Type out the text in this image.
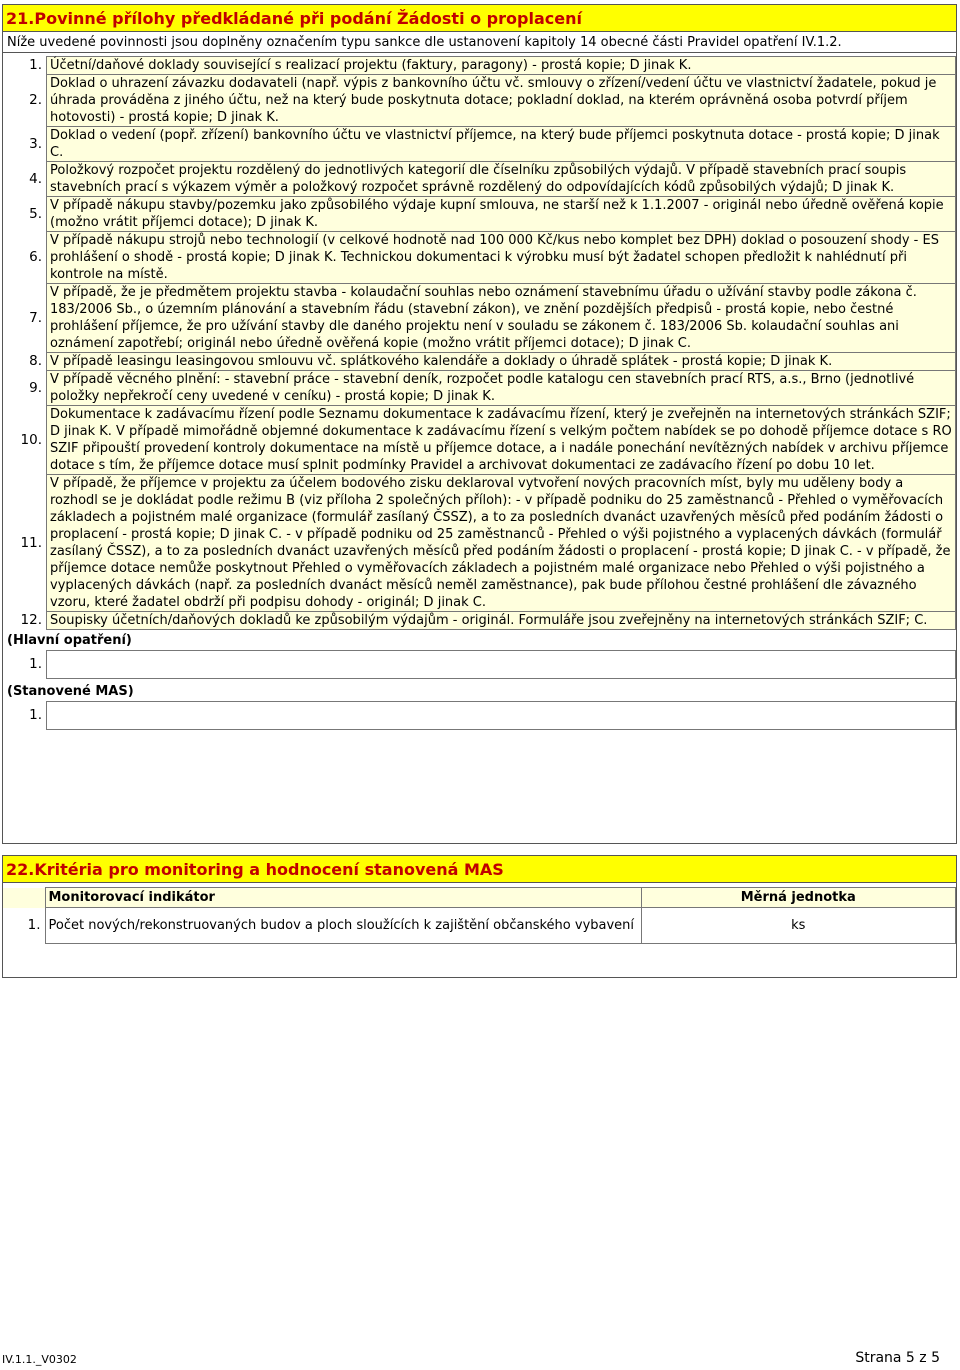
21.Povinné přílohy předkládané při podání Žádosti o proplacení
Níže uvedené povinnosti jsou doplněny označením typu sankce dle ustanovení kapitoly 14 obecné části Pravidel opatření IV.1.2.
1.	Účetní/daňové doklady související s realizací projektu (faktury, paragony) - prostá kopie; D jinak K.
2.	Doklad o uhrazení závazku dodavateli (např. výpis z bankovního účtu vč. smlouvy o zřízení/vedení účtu ve vlastnictví žadatele, pokud je úhrada prováděna z jiného účtu, než na který bude poskytnuta dotace; pokladní doklad, na kterém oprávněná osoba potvrdí příjem hotovosti) - prostá kopie; D jinak K.
3.	Doklad o vedení (popř. zřízení) bankovního účtu ve vlastnictví příjemce, na který bude příjemci poskytnuta dotace - prostá kopie; D jinak C.
4.	Položkový rozpočet projektu rozdělený do jednotlivých kategorií dle číselníku způsobilých výdajů. V případě stavebních prací soupis stavebních prací s výkazem výměr a položkový rozpočet správně rozdělený do odpovídajících kódů způsobilých výdajů; D jinak K.
5.	V případě nákupu stavby/pozemku jako způsobilého výdaje kupní smlouva, ne starší než k 1.1.2007 - originál nebo úředně ověřená kopie (možno vrátit příjemci dotace); D jinak K.
6.	V případě nákupu strojů nebo technologií (v celkové hodnotě nad 100 000 Kč/kus nebo komplet bez DPH) doklad o posouzení shody - ES prohlášení o shodě - prostá kopie; D jinak K. Technickou dokumentaci k výrobku musí být žadatel schopen předložit k nahlédnutí při kontrole na místě.
7.	V případě, že je předmětem projektu stavba - kolaudační souhlas nebo oznámení stavebnímu úřadu o užívání stavby podle zákona č. 183/2006 Sb., o územním plánování a stavebním řádu (stavební zákon), ve znění pozdějších předpisů - prostá kopie, nebo čestné prohlášení příjemce, že pro užívání stavby dle daného projektu není v souladu se zákonem č. 183/2006 Sb. kolaudační souhlas ani oznámení zapotřebí; originál nebo úředně ověřená kopie (možno vrátit příjemci dotace); D jinak C.
8.	V případě leasingu leasingovou smlouvu vč. splátkového kalendáře a doklady o úhradě splátek - prostá kopie; D jinak K.
9.	V případě věcného plnění: - stavební práce - stavební deník, rozpočet podle katalogu cen stavebních prací RTS, a.s., Brno (jednotlivé položky nepřekročí ceny uvedené v ceníku) - prostá kopie; D jinak K.
10.	Dokumentace k zadávacímu řízení podle Seznamu dokumentace k zadávacímu řízení, který je zveřejněn na internetových stránkách SZIF; D jinak K. V případě mimořádně objemné dokumentace k zadávacímu řízení s velkým počtem nabídek se po dohodě příjemce dotace s RO SZIF připouští provedení kontroly dokumentace na místě u příjemce dotace, a i nadále ponechání nevítězných nabídek v archivu příjemce dotace s tím, že příjemce dotace musí splnit podmínky Pravidel a archivovat dokumentaci ze zadávacího řízení po dobu 10 let.
11.	V případě, že příjemce v projektu za účelem bodového zisku deklaroval vytvoření nových pracovních míst, byly mu uděleny body a rozhodl se je dokládat podle režimu B (viz příloha 2 společných příloh): - v případě podniku do 25 zaměstnanců - Přehled o vyměřovacích základech a pojistném malé organizace (formulář zasílaný ČSSZ), a to za posledních dvanáct uzavřených měsíců před podáním žádosti o proplacení - prostá kopie; D jinak C. - v případě podniku od 25 zaměstnanců - Přehled o výši pojistného a vyplacených dávkách (formulář zasílaný ČSSZ), a to za posledních dvanáct uzavřených měsíců před podáním žádosti o proplacení - prostá kopie; D jinak C. - v případě, že příjemce dotace nemůže poskytnout Přehled o vyměřovacích základech a pojistném malé organizace nebo Přehled o výši pojistného a vyplacených dávkách (např. za posledních dvanáct měsíců neměl zaměstnance), pak bude přílohou čestné prohlášení dle závazného vzoru, které žadatel obdrží při podpisu dohody - originál; D jinak C.
12.	Soupisky účetních/daňových dokladů ke způsobilým výdajům - originál. Formuláře jsou zveřejněny na internetových stránkách SZIF; C.
(Hlavní opatření)
1.	
(Stanovené MAS)
1.	
22.Kritéria pro monitoring a hodnocení stanovená MAS
	Monitorovací indikátor	Měrná jednotka
1.	Počet nových/rekonstruovaných budov a ploch sloužících k zajištění občanského vybavení	ks
IV.1.1._V0302	Strana 5 z 5
